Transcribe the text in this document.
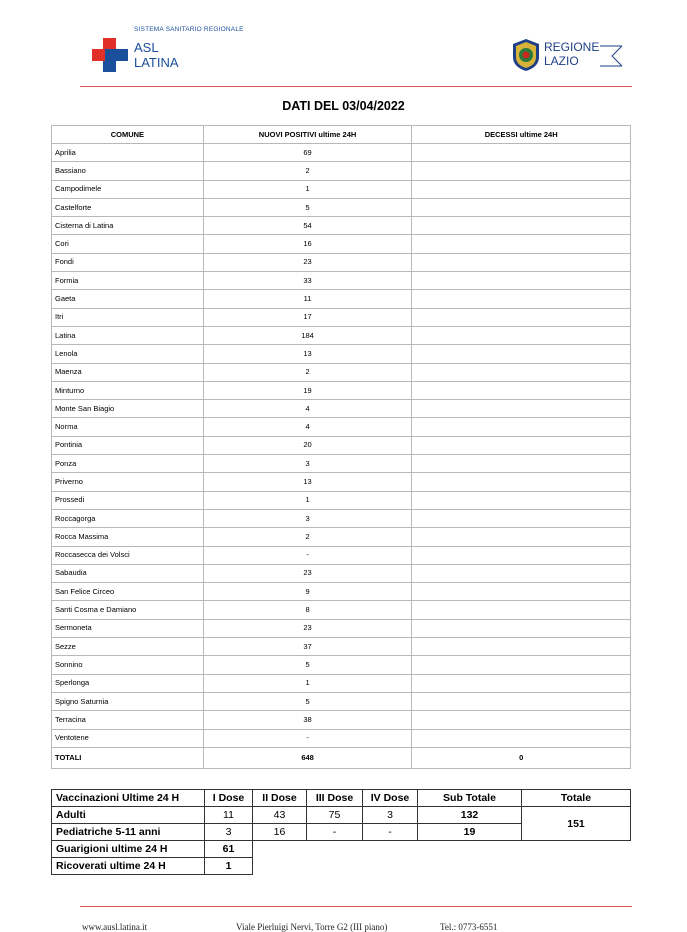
SISTEMA SANITARIO REGIONALE
ASL
LATINA
REGIONE
LAZIO
DATI DEL 03/04/2022
COMUNE	NUOVI POSITIVI ultime 24H	DECESSI ultime 24H
Aprilia	69	
Bassiano	2	
Campodimele	1	
Castelforte	5	
Cisterna di Latina	54	
Cori	16	
Fondi	23	
Formia	33	
Gaeta	11	
Itri	17	
Latina	184	
Lenola	13	
Maenza	2	
Minturno	19	
Monte San Biagio	4	
Norma	4	
Pontinia	20	
Ponza	3	
Priverno	13	
Prossedi	1	
Roccagorga	3	
Rocca Massima	2	
Roccasecca dei Volsci	-	
Sabaudia	23	
San Felice Circeo	9	
Santi Cosma e Damiano	8	
Sermoneta	23	
Sezze	37	
Sonnino	5	
Sperlonga	1	
Spigno Saturnia	5	
Terracina	38	
Ventotene	-	
TOTALI	648	0
Vaccinazioni Ultime 24 H	I Dose	II Dose	III Dose	IV Dose	Sub Totale	Totale
Adulti	11	43	75	3	132	151
Pediatriche 5-11 anni	3	16	-	-	19	
Guarigioni ultime 24 H	61					
Ricoverati ultime 24 H	1					
www.ausl.latina.it	Viale Pierluigi Nervi, Torre G2 (III piano)	Tel.: 0773-6551
